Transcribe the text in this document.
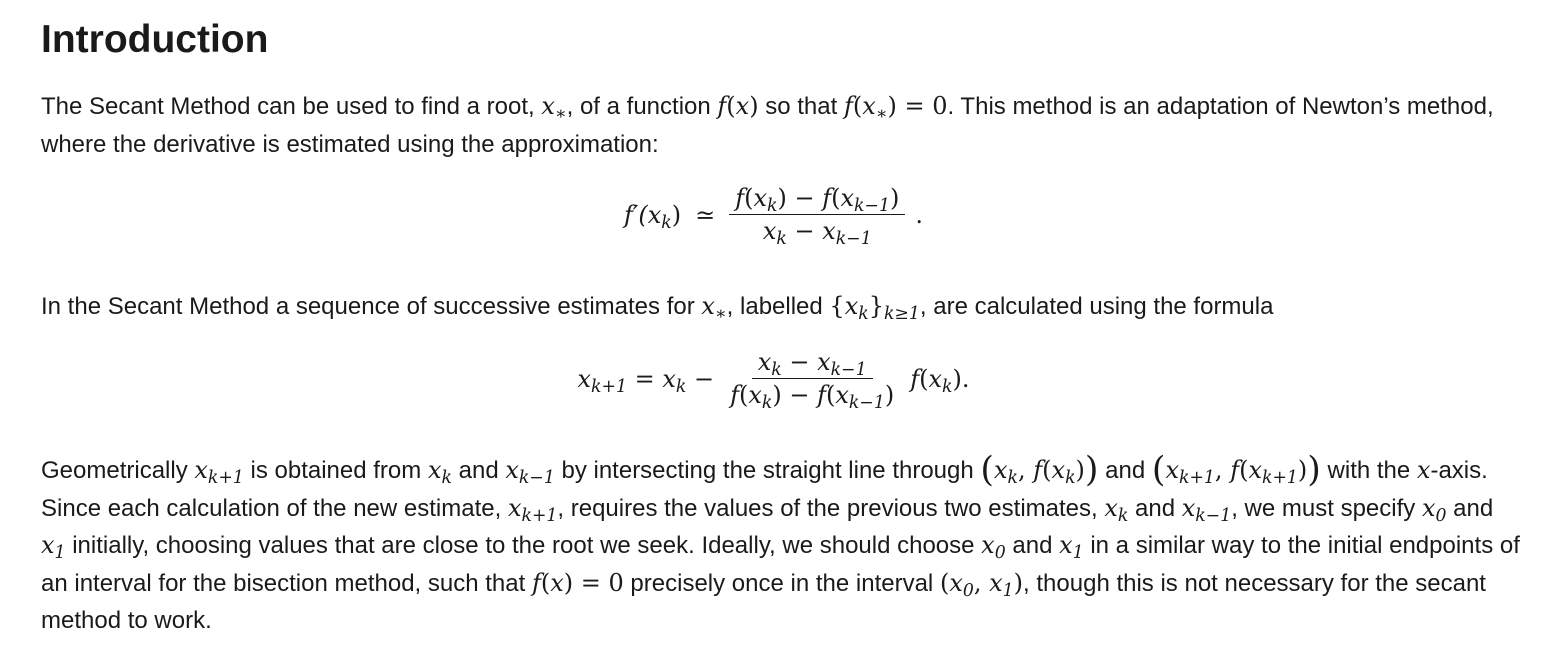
Introduction

The Secant Method can be used to find a root, $x_∗$, of a function f(x) so that $f(x_∗) = 0$. This method is an adaptation of Newton’s method, where the derivative is estimated using the approximation:

$f'(x_k)$ ≃ $\frac{f(x_k) - f(x_{k-1})}{x_k - x_{k-1}}$ .

In the Secant Method a sequence of successive estimates for $x_∗$, labelled $\{x_k\}_{k\ge 1}$, are calculated using the formula

$x_{k+1} = x_k - \frac{x_k - x_{k-1}}{f(x_k) - f(x_{k-1})} f(x_k)$.

Geometrically $x_{k+1}$ is obtained from $x_k$ and $x_{k-1}$ by intersecting the straight line through ($x_k$, $f(x_k)$) and ($x_{k+1}$, $f(x_{k+1})$) with the x-axis. Since each calculation of the new estimate, $x_{k+1}$, requires the values of the previous two estimates, $x_k$ and $x_{k-1}$, we must specify $x_0$ and $x_1$ initially, choosing values that are close to the root we seek. Ideally, we should choose $x_0$ and $x_1$ in a similar way to the initial endpoints of an interval for the bisection method, such that f(x) = 0 precisely once in the interval ($x_0$, $x_1$), though this is not necessary for the secant method to work.
